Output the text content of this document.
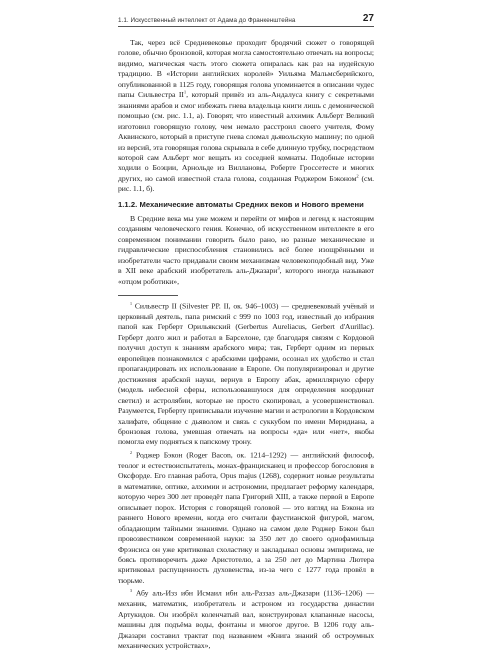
1.1. Искусственный интеллект от Адама до Франкенштейна	27

Так, через всё Средневековье проходит бродячий сюжет о говорящей голове, обычно бронзовой, которая могла самостоятельно отвечать на вопросы; видимо, магическая часть этого сюжета опиралась как раз на иудейскую традицию. В «Истории английских королей» Уильяма Мальмсберийского, опубликованной в 1125 году, говорящая голова упоминается в описании чудес папы Сильвестра II$^1$, который привёз из аль-Андалуса книгу с секретными знаниями арабов и смог избежать гнева владельца книги лишь с демонической помощью (см. рис. 1.1, а). Говорят, что известный алхимик Альберт Великий изготовил говорящую голову, чем немало расстроил своего учителя, Фому Аквинского, который в приступе гнева сломал дьявольскую машину; по одной из версий, эта говорящая голова скрывала в себе длинную трубку, посредством которой сам Альберт мог вещать из соседней комнаты. Подобные истории ходили о Боэции, Арнольде из Виллановы, Роберте Гроссетесте и многих других, но самой известной стала голова, созданная Роджером Бэконом$^2$ (см. рис. 1.1, б).

1.1.2. Механические автоматы Средних веков и Нового времени

В Средние века мы уже можем и перейти от мифов и легенд к настоящим созданиям человеческого гения. Конечно, об искусственном интеллекте в его современном понимании говорить было рано, но разные механические и гидравлические приспособления становились всё более изощрёнными и изобретатели часто придавали своим механизмам человекоподобный вид. Уже в XII веке арабский изобретатель аль-Джазари$^3$, которого иногда называют «отцом роботики»,

$^1$ Сильвестр II (Silvester PP. II, ок. 946–1003) — средневековый учёный и церковный деятель, папа римский с 999 по 1003 год, известный до избрания папой как Герберт Орильякский (Gerbertus Aureliacus, Gerbert d'Aurillac). Герберт долго жил и работал в Барселоне, где благодаря связям с Кордовой получил доступ к знаниям арабского мира; так, Герберт одним из первых европейцев познакомился с арабскими цифрами, осознал их удобство и стал пропагандировать их использование в Европе. Он популяризировал и другие достижения арабской науки, вернув в Европу абак, армиллярную сферу (модель небесной сферы, использовавшуюся для определения координат светил) и астролябии, которые не просто скопировал, а усовершенствовал. Разумеется, Герберту приписывали изучение магии и астрологии в Кордовском халифате, общение с дьяволом и связь с суккубом по имени Меридиана, а бронзовая голова, умевшая отвечать на вопросы «да» или «нет», якобы помогла ему подняться к папскому трону.

$^2$ Роджер Бэкон (Roger Bacon, ок. 1214–1292) — английский философ, теолог и естествоиспытатель, монах-францисканец и профессор богословия в Оксфорде. Его главная работа, Opus majus (1268), содержит новые результаты в математике, оптике, алхимии и астрономии, предлагает реформу календаря, которую через 300 лет проведёт папа Григорий XIII, а также первой в Европе описывает порох. История с говорящей головой — это взгляд на Бэкона из раннего Нового времени, когда его считали фаустианской фигурой, магом, обладающим тайными знаниями. Однако на самом деле Роджер Бэкон был провозвестником современной науки: за 350 лет до своего однофамильца Фрэнсиса он уже критиковал схоластику и закладывал основы эмпиризма, не боясь противоречить даже Аристотелю, а за 250 лет до Мартина Лютера критиковал распущенность духовенства, из-за чего с 1277 года провёл в тюрьме.

$^3$ Абу аль-Изз ибн Исмаил ибн аль-Раззаз аль-Джазари (1136–1206) — механик, математик, изобретатель и астроном из государства династии Артукидов. Он изобрёл коленчатый вал, конструировал клапанные насосы, машины для подъёма воды, фонтаны и многое другое. В 1206 году аль-Джазари составил трактат под названием «Книга знаний об остроумных механических устройствах»,
